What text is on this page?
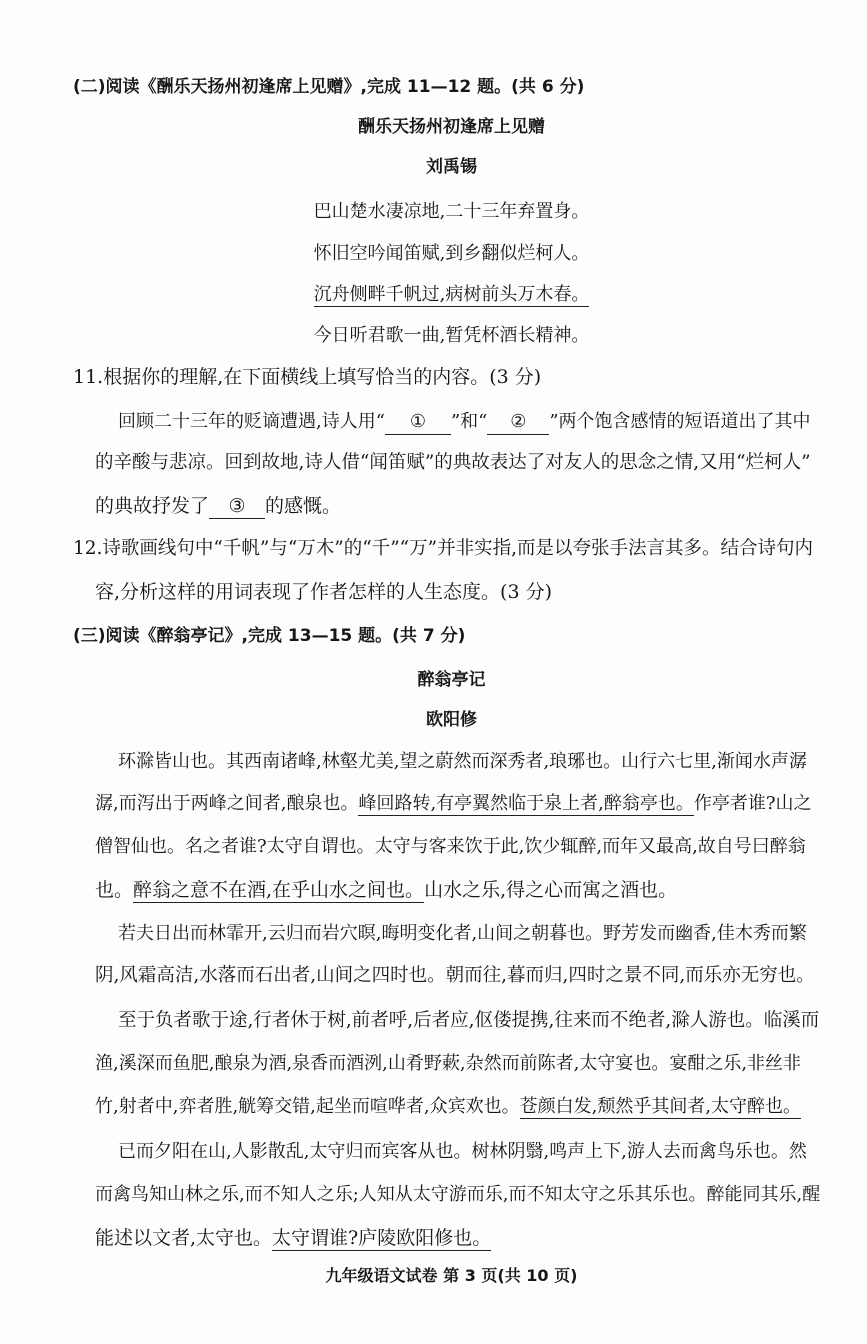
(二)阅读《酬乐天扬州初逢席上见赠》,完成 11—12 题。(共 6 分)
酬乐天扬州初逢席上见赠
刘禹锡
巴山楚水凄凉地,二十三年弃置身。
怀旧空吟闻笛赋,到乡翻似烂柯人。
沉舟侧畔千帆过,病树前头万木春。
今日听君歌一曲,暂凭杯酒长精神。
11.根据你的理解,在下面横线上填写恰当的内容。(3 分)
回顾二十三年的贬谪遭遇,诗人用“ ① ”和“ ② ”两个饱含感情的短语道出了其中
的辛酸与悲凉。回到故地,诗人借“闻笛赋”的典故表达了对友人的思念之情,又用“烂柯人”
的典故抒发了 ③ 的感慨。
12.诗歌画线句中“千帆”与“万木”的“千”“万”并非实指,而是以夸张手法言其多。结合诗句内
容,分析这样的用词表现了作者怎样的人生态度。(3 分)
(三)阅读《醉翁亭记》,完成 13—15 题。(共 7 分)
醉翁亭记
欧阳修
环滁皆山也。其西南诸峰,林壑尤美,望之蔚然而深秀者,琅琊也。山行六七里,渐闻水声潺
潺,而泻出于两峰之间者,酿泉也。峰回路转,有亭翼然临于泉上者,醉翁亭也。作亭者谁?山之
僧智仙也。名之者谁?太守自谓也。太守与客来饮于此,饮少辄醉,而年又最高,故自号曰醉翁
也。醉翁之意不在酒,在乎山水之间也。山水之乐,得之心而寓之酒也。
若夫日出而林霏开,云归而岩穴暝,晦明变化者,山间之朝暮也。野芳发而幽香,佳木秀而繁
阴,风霜高洁,水落而石出者,山间之四时也。朝而往,暮而归,四时之景不同,而乐亦无穷也。
至于负者歌于途,行者休于树,前者呼,后者应,伛偻提携,往来而不绝者,滁人游也。临溪而
渔,溪深而鱼肥,酿泉为酒,泉香而酒洌,山肴野蔌,杂然而前陈者,太守宴也。宴酣之乐,非丝非
竹,射者中,弈者胜,觥筹交错,起坐而喧哗者,众宾欢也。苍颜白发,颓然乎其间者,太守醉也。
已而夕阳在山,人影散乱,太守归而宾客从也。树林阴翳,鸣声上下,游人去而禽鸟乐也。然
而禽鸟知山林之乐,而不知人之乐;人知从太守游而乐,而不知太守之乐其乐也。醉能同其乐,醒
能述以文者,太守也。太守谓谁?庐陵欧阳修也。
九年级语文试卷 第 3 页(共 10 页)
